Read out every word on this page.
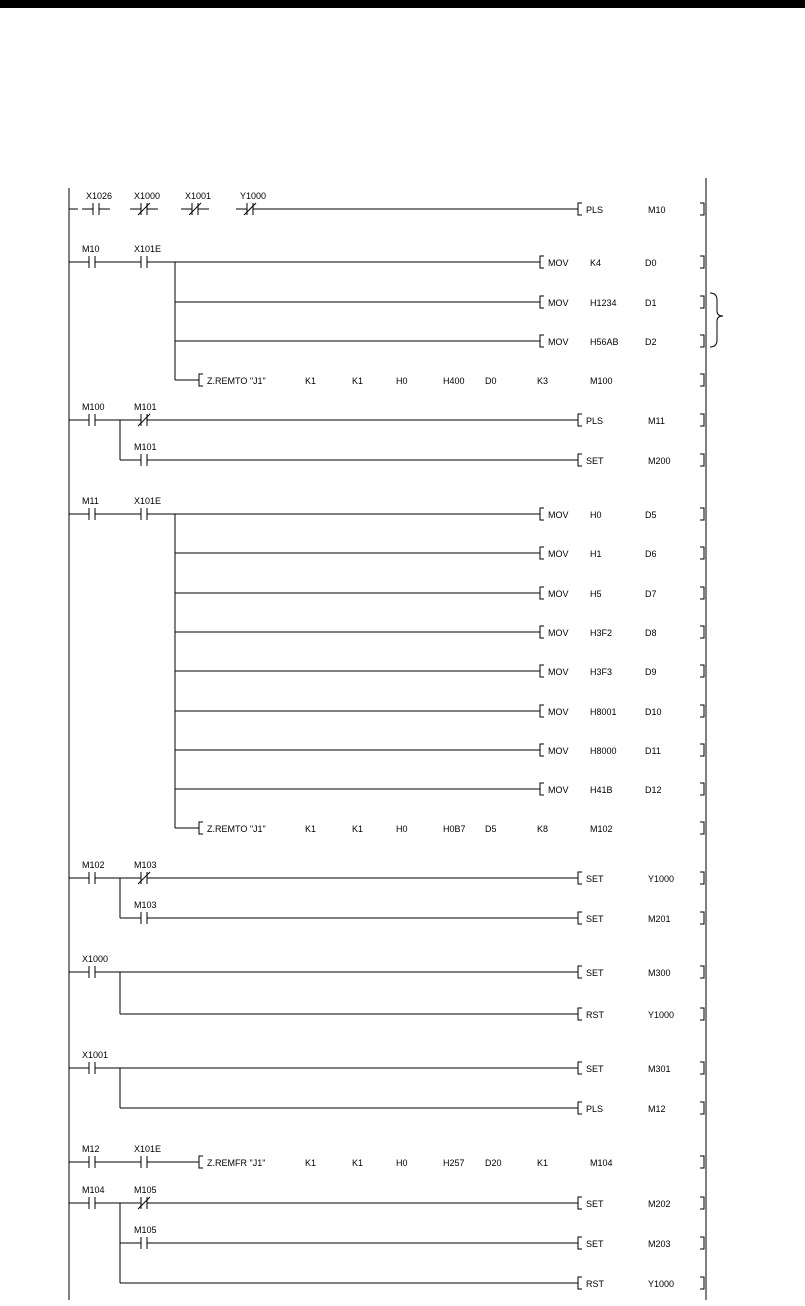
X1026 X1000	X1001	Y1000
PLS	M10
M10	X101E
MOV K4	D0
MOV H1234	D1
MOV H56AB	D2
Z.REMTO "J1"	K1	K1	H0	H400 D0	K3	M100
M100	M101
PLS	M11
M101
SET	M200
M11	X101E
MOV H0	D5
MOV H1	D6
MOV H5	D7
MOV H3F2	D8
MOV H3F3	D9
MOV H8001	D10
MOV H8000	D11
MOV H41B	D12
Z.REMTO "J1"	K1	K1	H0	H0B7 D5	K8	M102
M102	M103
SET	Y1000
M103
SET	M201
X1000
SET	M300
RST	Y1000
X1001
SET	M301
PLS	M12
M12	X101E
Z.REMFR "J1"	K1	K1	H0	H257 D20	K1	M104
M104	M105
SET	M202
M105
SET	M203
RST	Y1000
